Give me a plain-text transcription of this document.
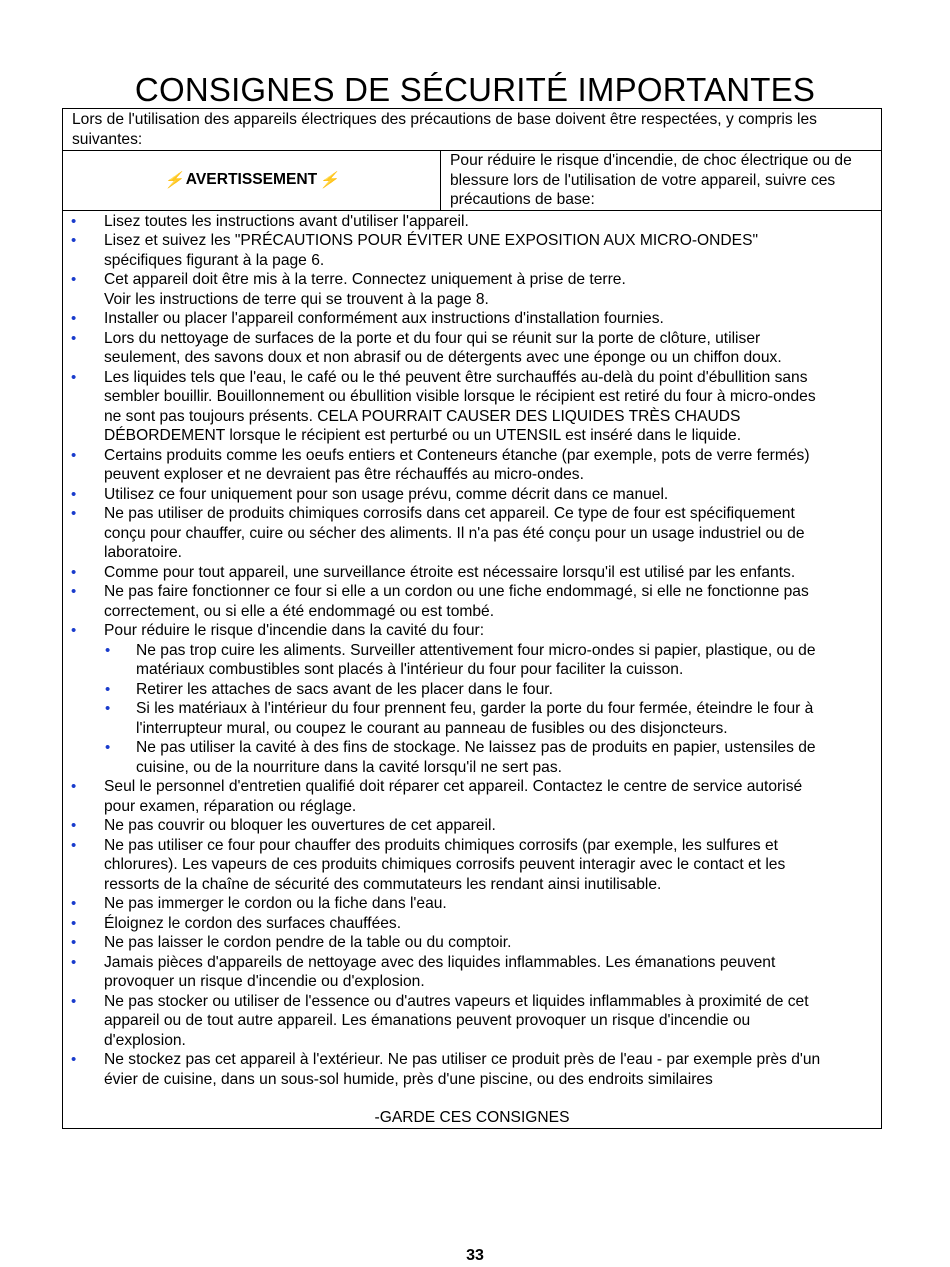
CONSIGNES DE SÉCURITÉ IMPORTANTES
Lors de l'utilisation des appareils électriques des précautions de base doivent être respectées, y compris les suivantes:
⚡ AVERTISSEMENT ⚡
Pour réduire le risque d'incendie, de choc électrique ou de blessure lors de l'utilisation de votre appareil, suivre ces précautions de base:
• Lisez toutes les instructions avant d'utiliser l'appareil.
• Lisez et suivez les "PRÉCAUTIONS POUR ÉVITER UNE EXPOSITION AUX MICRO-ONDES"
spécifiques figurant à la page 6.
• Cet appareil doit être mis à la terre. Connectez uniquement à prise de terre.
Voir les instructions de terre qui se trouvent à la page 8.
• Installer ou placer l'appareil conformément aux instructions d'installation fournies.
• Lors du nettoyage de surfaces de la porte et du four qui se réunit sur la porte de clôture, utiliser
seulement, des savons doux et non abrasif ou de détergents avec une éponge ou un chiffon doux.
• Les liquides tels que l'eau, le café ou le thé peuvent être surchauffés au-delà du point d'ébullition sans
sembler bouillir. Bouillonnement ou ébullition visible lorsque le récipient est retiré du four à micro-ondes
ne sont pas toujours présents. CELA POURRAIT CAUSER DES LIQUIDES TRÈS CHAUDS
DÉBORDEMENT lorsque le récipient est perturbé ou un UTENSIL est inséré dans le liquide.
• Certains produits comme les oeufs entiers et Conteneurs étanche (par exemple, pots de verre fermés)
peuvent exploser et ne devraient pas être réchauffés au micro-ondes.
• Utilisez ce four uniquement pour son usage prévu, comme décrit dans ce manuel.
• Ne pas utiliser de produits chimiques corrosifs dans cet appareil. Ce type de four est spécifiquement
conçu pour chauffer, cuire ou sécher des aliments. Il n'a pas été conçu pour un usage industriel ou de
laboratoire.
• Comme pour tout appareil, une surveillance étroite est nécessaire lorsqu'il est utilisé par les enfants.
• Ne pas faire fonctionner ce four si elle a un cordon ou une fiche endommagé, si elle ne fonctionne pas
correctement, ou si elle a été endommagé ou est tombé.
• Pour réduire le risque d'incendie dans la cavité du four:
• Ne pas trop cuire les aliments. Surveiller attentivement four micro-ondes si papier, plastique, ou de
matériaux combustibles sont placés à l'intérieur du four pour faciliter la cuisson.
• Retirer les attaches de sacs avant de les placer dans le four.
• Si les matériaux à l'intérieur du four prennent feu, garder la porte du four fermée, éteindre le four à
l'interrupteur mural, ou coupez le courant au panneau de fusibles ou des disjoncteurs.
• Ne pas utiliser la cavité à des fins de stockage. Ne laissez pas de produits en papier, ustensiles de
cuisine, ou de la nourriture dans la cavité lorsqu'il ne sert pas.
• Seul le personnel d'entretien qualifié doit réparer cet appareil. Contactez le centre de service autorisé
pour examen, réparation ou réglage.
• Ne pas couvrir ou bloquer les ouvertures de cet appareil.
• Ne pas utiliser ce four pour chauffer des produits chimiques corrosifs (par exemple, les sulfures et
chlorures). Les vapeurs de ces produits chimiques corrosifs peuvent interagir avec le contact et les
ressorts de la chaîne de sécurité des commutateurs les rendant ainsi inutilisable.
• Ne pas immerger le cordon ou la fiche dans l'eau.
• Éloignez le cordon des surfaces chauffées.
• Ne pas laisser le cordon pendre de la table ou du comptoir.
• Jamais pièces d'appareils de nettoyage avec des liquides inflammables. Les émanations peuvent
provoquer un risque d'incendie ou d'explosion.
• Ne pas stocker ou utiliser de l'essence ou d'autres vapeurs et liquides inflammables à proximité de cet
appareil ou de tout autre appareil. Les émanations peuvent provoquer un risque d'incendie ou
d'explosion.
• Ne stockez pas cet appareil à l'extérieur. Ne pas utiliser ce produit près de l'eau - par exemple près d'un
évier de cuisine, dans un sous-sol humide, près d'une piscine, ou des endroits similaires
-GARDE CES CONSIGNES
33
